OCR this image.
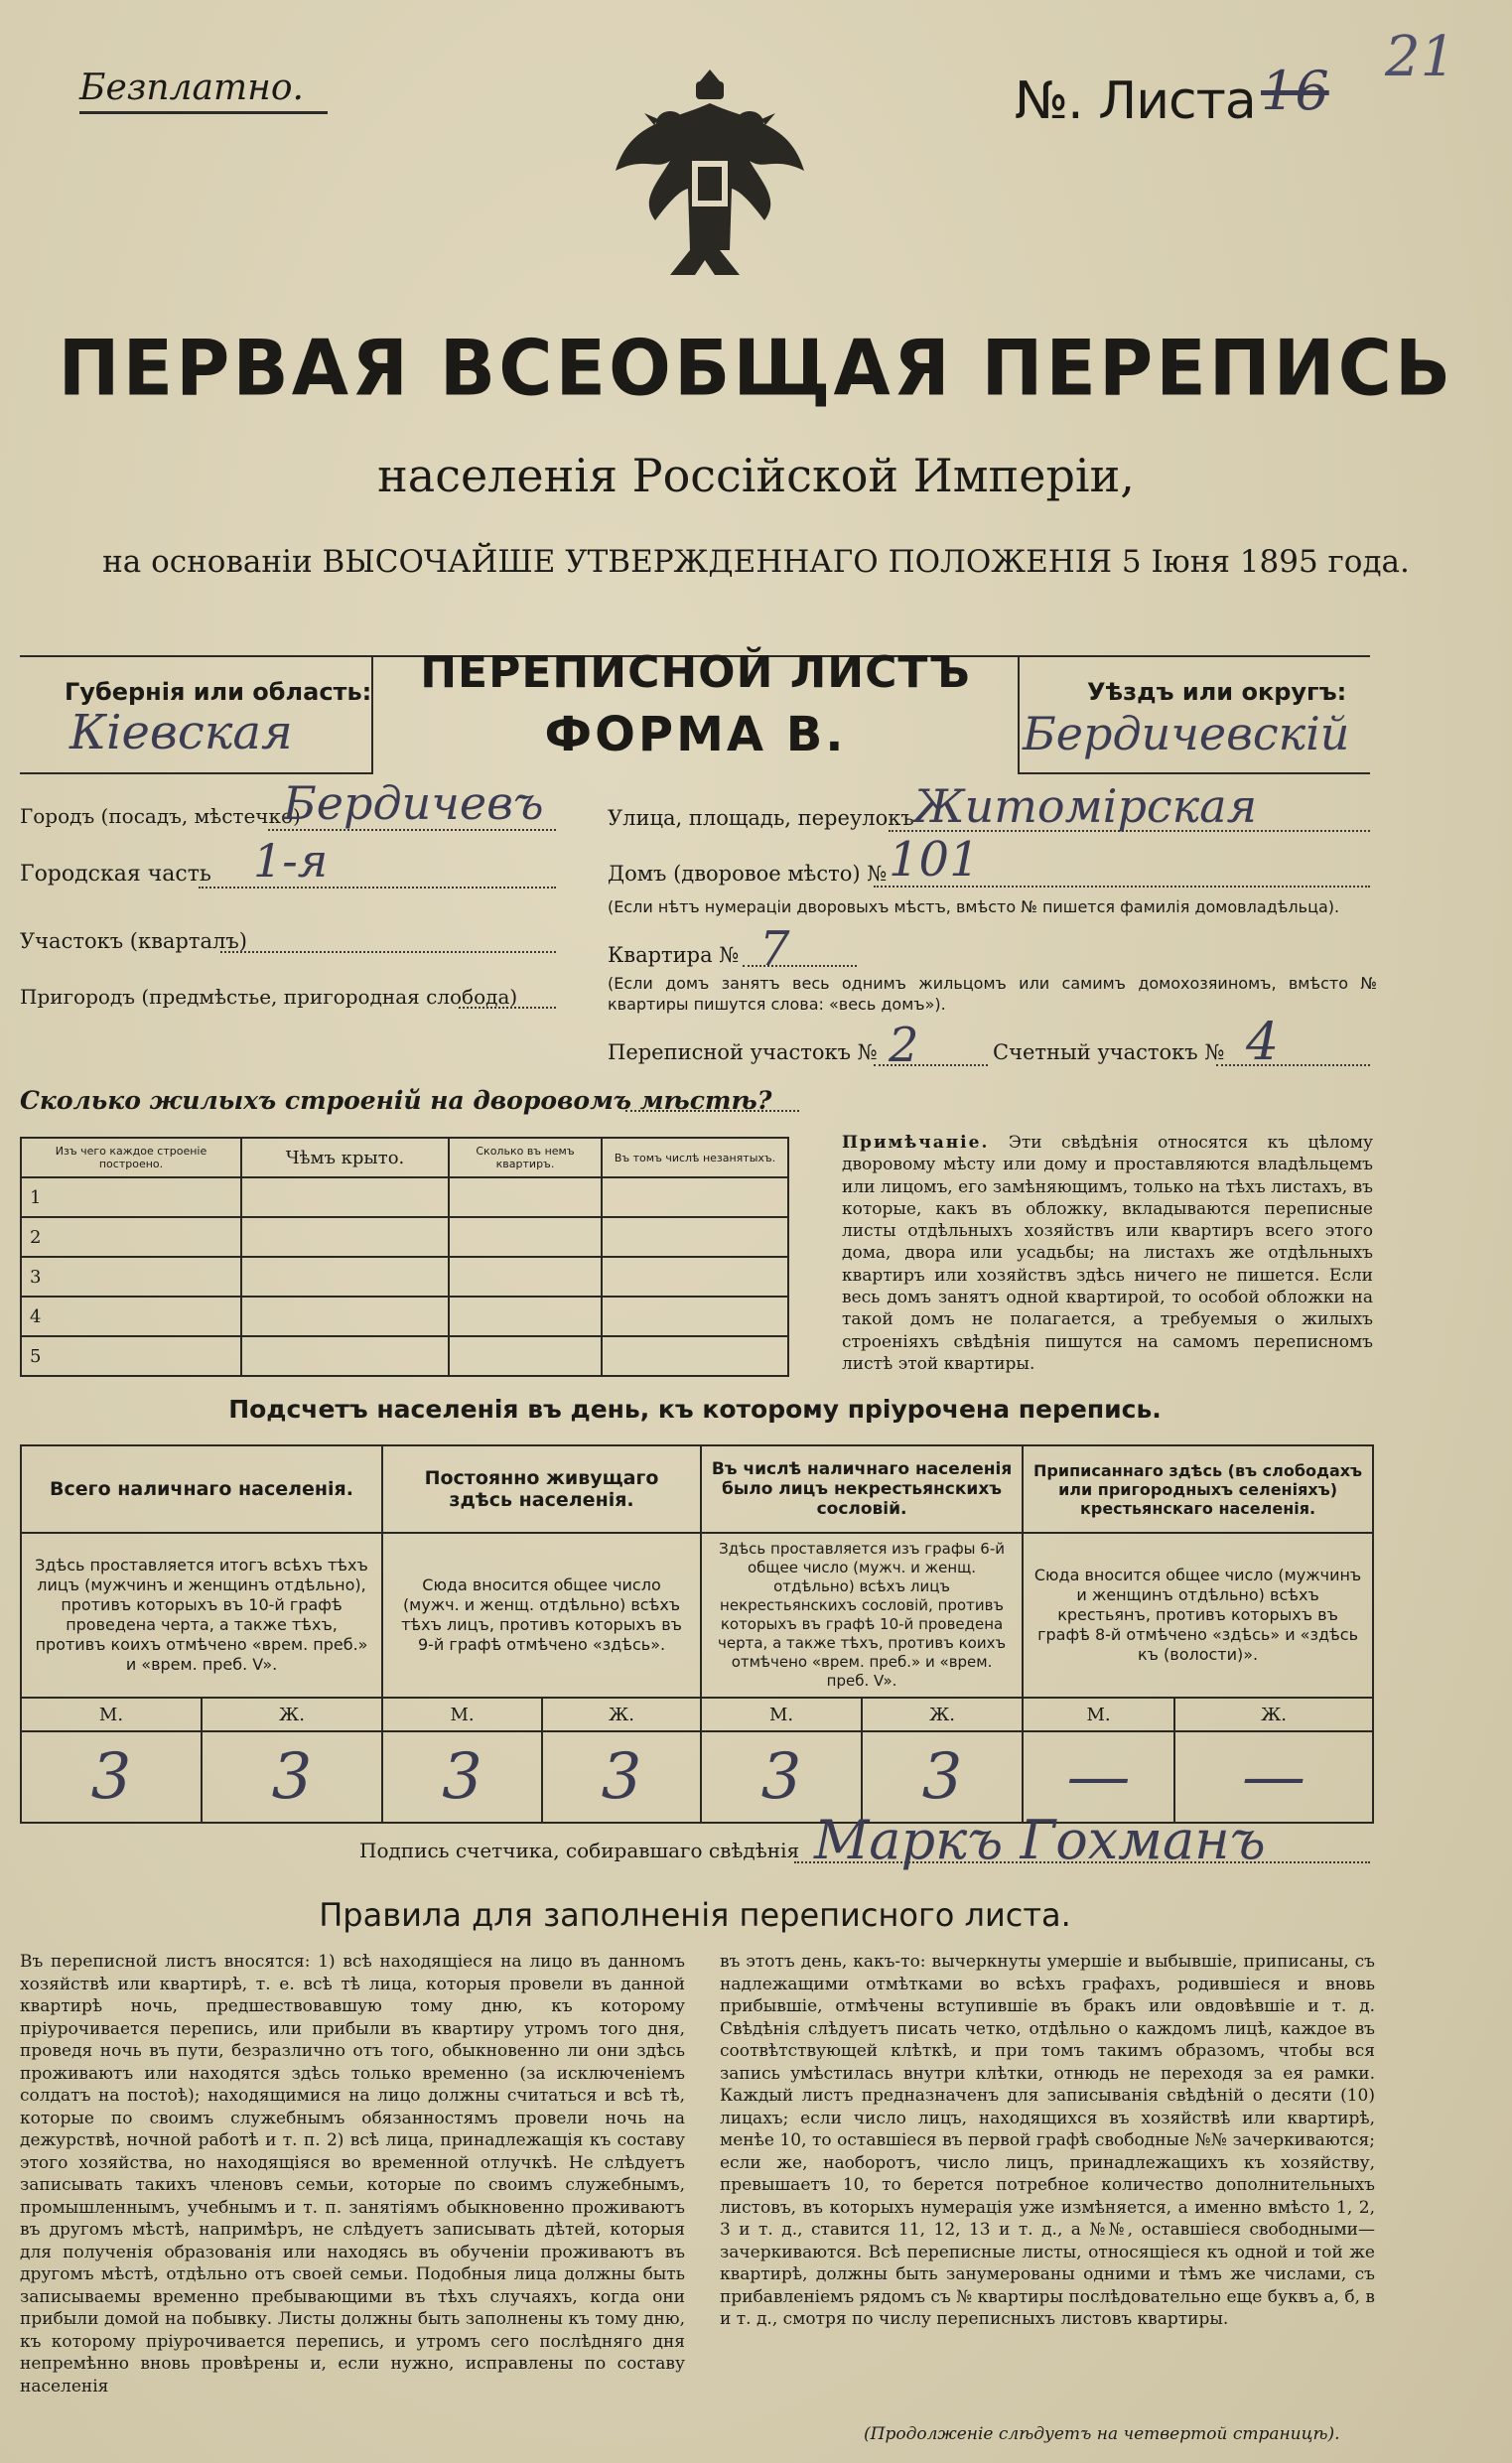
Безплатно.	№. Листа 16
21
ПЕРВАЯ ВСЕОБЩАЯ ПЕРЕПИСЬ
населенія Россійской Имперіи,
на основаніи ВЫСОЧАЙШЕ УТВЕРЖДЕННАГО ПОЛОЖЕНІЯ 5 Іюня 1895 года.
Губернія или область:
Кіевская
ПЕРЕПИСНОЙ ЛИСТЪ
ФОРМА В.
Уѣздъ или округъ:
Бердичевскій
Городъ (посадъ, мѣстечко)
Бердичевъ
Городская часть 1-я
Участокъ (кварталъ)
Пригородъ (предмѣстье, пригородная слобода)
Улица, площадь, переулокъ Житомірская
Домъ (дворовое мѣсто) № 101
(Если нѣтъ нумераціи дворовыхъ мѣстъ, вмѣсто № пишется фамилія домовладѣльца).
Квартира № 7
(Если домъ занятъ весь однимъ жильцомъ или самимъ домохозяиномъ, вмѣсто № квартиры пишутся слова: «весь домъ»).
Переписной участокъ № 2	Счетный участокъ № 4
Сколько жилыхъ строеній на дворовомъ мѣстѣ?
Изъ чего каждое строеніе построено.	Чѣмъ крыто.	Сколько въ немъ квартиръ.	Въ томъ числѣ незанятыхъ.
1			
2			
3			
4			
5			
Примѣчаніе. Эти свѣдѣнія относятся къ цѣлому дворовому мѣсту или дому и проставляются владѣльцемъ или лицомъ, его замѣняющимъ, только на тѣхъ листахъ, въ которые, какъ въ обложку, вкладываются переписные листы отдѣльныхъ хозяйствъ или квартиръ всего этого дома, двора или усадьбы; на листахъ же отдѣльныхъ квартиръ или хозяйствъ здѣсь ничего не пишется. Если весь домъ занятъ одной квартирой, то особой обложки на такой домъ не полагается, а требуемыя о жилыхъ строеніяхъ свѣдѣнія пишутся на самомъ переписномъ листѣ этой квартиры.
Подсчетъ населенія въ день, къ которому пріурочена перепись.
Всего наличнаго населенія.		Постоянно живущаго здѣсь населенія.		Въ числѣ наличнаго населенія было лицъ некрестьянскихъ сословій.		Приписаннаго здѣсь (въ слободахъ или пригородныхъ селеніяхъ) крестьянскаго населенія.	
Здѣсь проставляется итогъ всѣхъ тѣхъ лицъ (мужчинъ и женщинъ отдѣльно), противъ которыхъ въ 10-й графѣ проведена черта, а также тѣхъ, противъ коихъ отмѣчено «врем. преб.» и «врем. преб. V».		Сюда вносится общее число (мужч. и женщ. отдѣльно) всѣхъ тѣхъ лицъ, противъ которыхъ въ 9-й графѣ отмѣчено «здѣсь».		Здѣсь проставляется изъ графы 6-й общее число (мужч. и женщ. отдѣльно) всѣхъ лицъ некрестьянскихъ сословій, противъ которыхъ въ графѣ 10-й проведена черта, а также тѣхъ, противъ коихъ отмѣчено «врем. преб.» и «врем. преб. V».		Сюда вносится общее число (мужчинъ и женщинъ отдѣльно) всѣхъ крестьянъ, противъ которыхъ въ графѣ 8-й отмѣчено «здѣсь» и «здѣсь къ (волости)».	
М.	Ж.	М.	Ж.	М.	Ж.	М.	Ж.
3	3	3	3	3	3	—	—
Подпись счетчика, собиравшаго свѣдѣнія Маркъ Гохманъ
Правила для заполненія переписного листа.
Въ переписной листъ вносятся: 1) всѣ находящіеся на лицо въ данномъ хозяйствѣ или квартирѣ, т. е. всѣ тѣ лица, которыя провели въ данной квартирѣ ночь, предшествовавшую тому дню, къ которому пріурочивается перепись, или прибыли въ квартиру утромъ того дня, проведя ночь въ пути, безразлично отъ того, обыкновенно ли они здѣсь проживаютъ или находятся здѣсь только временно (за исключеніемъ солдатъ на постоѣ); находящимися на лицо должны считаться и всѣ тѣ, которые по своимъ служебнымъ обязанностямъ провели ночь на дежурствѣ, ночной работѣ и т. п. 2) всѣ лица, принадлежащія къ составу этого хозяйства, но находящіяся во временной отлучкѣ. Не слѣдуетъ записывать такихъ членовъ семьи, которые по своимъ служебнымъ, промышленнымъ, учебнымъ и т. п. занятіямъ обыкновенно проживаютъ въ другомъ мѣстѣ, напримѣръ, не слѣдуетъ записывать дѣтей, которыя для полученія образованія или находясь въ обученіи проживаютъ въ другомъ мѣстѣ, отдѣльно отъ своей семьи. Подобныя лица должны быть записываемы временно пребывающими въ тѣхъ случаяхъ, когда они прибыли домой на побывку. Листы должны быть заполнены къ тому дню, къ которому пріурочивается перепись, и утромъ сего послѣдняго дня непремѣнно вновь провѣрены и, если нужно, исправлены по составу населенія
въ этотъ день, какъ-то: вычеркнуты умершіе и выбывшіе, приписаны, съ надлежащими отмѣтками во всѣхъ графахъ, родившіеся и вновь прибывшіе, отмѣчены вступившіе въ бракъ или овдовѣвшіе и т. д. Свѣдѣнія слѣдуетъ писать четко, отдѣльно о каждомъ лицѣ, каждое въ соотвѣтствующей клѣткѣ, и при томъ такимъ образомъ, чтобы вся запись умѣстилась внутри клѣтки, отнюдь не переходя за ея рамки. Каждый листъ предназначенъ для записыванія свѣдѣній о десяти (10) лицахъ; если число лицъ, находящихся въ хозяйствѣ или квартирѣ, менѣе 10, то оставшіеся въ первой графѣ свободные №№ зачеркиваются; если же, наоборотъ, число лицъ, принадлежащихъ къ хозяйству, превышаетъ 10, то берется потребное количество дополнительныхъ листовъ, въ которыхъ нумерація уже измѣняется, а именно вмѣсто 1, 2, 3 и т. д., ставится 11, 12, 13 и т. д., а №№, оставшіеся свободными—зачеркиваются. Всѣ переписные листы, относящіеся къ одной и той же квартирѣ, должны быть занумерованы одними и тѣмъ же числами, съ прибавленіемъ рядомъ съ № квартиры послѣдовательно еще буквъ а, б, в и т. д., смотря по числу переписныхъ листовъ квартиры.
(Продолженіе слѣдуетъ на четвертой страницѣ).
